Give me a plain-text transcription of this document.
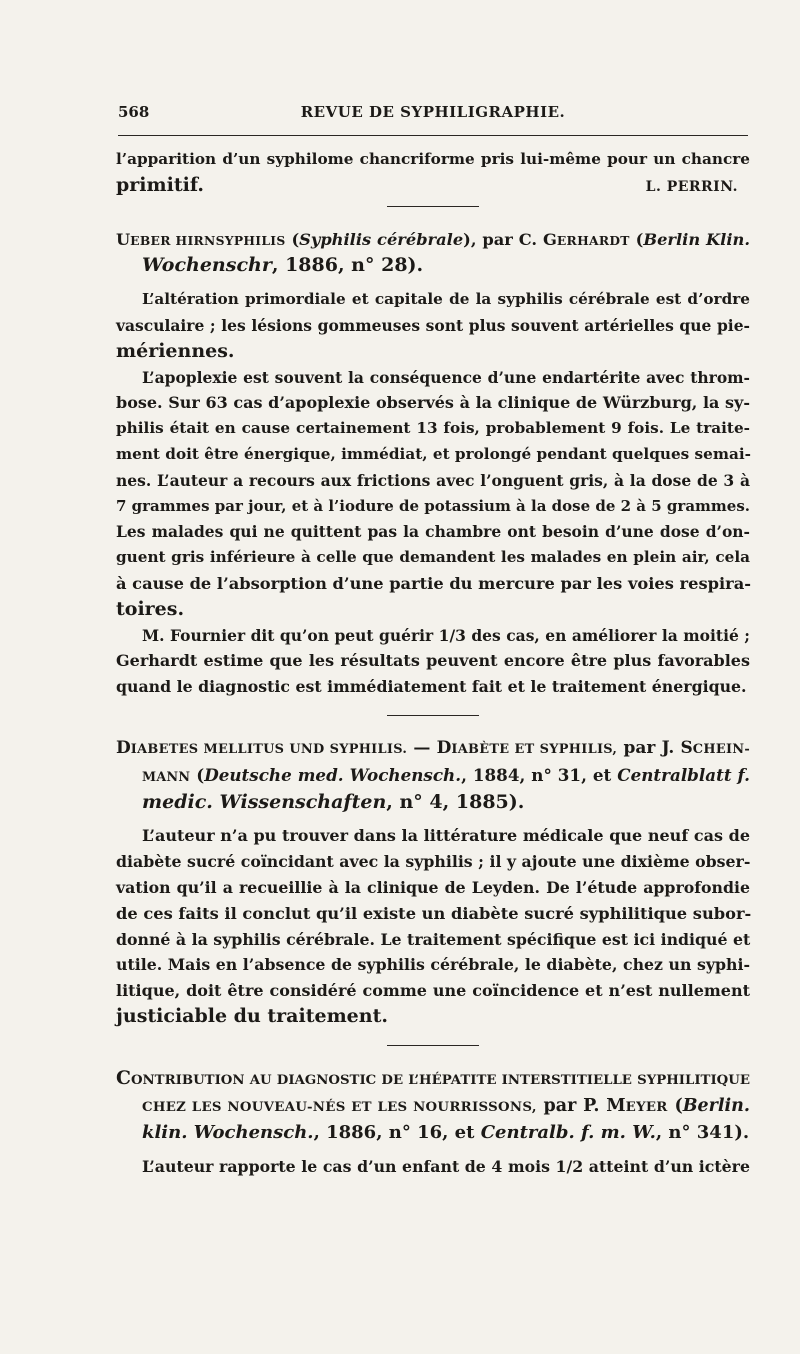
568	REVUE DE SYPHILIGRAPHIE.
l’apparition d’un syphilome chancriforme pris lui-même pour un chancre
primitif.	L. PERRIN.
UEBER HIRNSYPHILIS (Syphilis cérébrale), par C. GERHARDT (Berlin Klin.
Wochenschr, 1886, n° 28).
L’altération primordiale et capitale de la syphilis cérébrale est d’ordre
vasculaire ; les lésions gommeuses sont plus souvent artérielles que pie-
mériennes.
L’apoplexie est souvent la conséquence d’une endartérite avec throm-
bose. Sur 63 cas d’apoplexie observés à la clinique de Würzburg, la sy-
philis était en cause certainement 13 fois, probablement 9 fois. Le traite-
ment doit être énergique, immédiat, et prolongé pendant quelques semai-
nes. L’auteur a recours aux frictions avec l’onguent gris, à la dose de 3 à
7 grammes par jour, et à l’iodure de potassium à la dose de 2 à 5 grammes.
Les malades qui ne quittent pas la chambre ont besoin d’une dose d’on-
guent gris inférieure à celle que demandent les malades en plein air, cela
à cause de l’absorption d’une partie du mercure par les voies respira-
toires.
M. Fournier dit qu’on peut guérir 1/3 des cas, en améliorer la moitié ;
Gerhardt estime que les résultats peuvent encore être plus favorables
quand le diagnostic est immédiatement fait et le traitement énergique.
DIABETES MELLITUS UND SYPHILIS. — DIABÈTE ET SYPHILIS, par J. SCHEIN-
MANN (Deutsche med. Wochensch., 1884, n° 31, et Centralblatt f.
medic. Wissenschaften, n° 4, 1885).
L’auteur n’a pu trouver dans la littérature médicale que neuf cas de
diabète sucré coïncidant avec la syphilis ; il y ajoute une dixième obser-
vation qu’il a recueillie à la clinique de Leyden. De l’étude approfondie
de ces faits il conclut qu’il existe un diabète sucré syphilitique subor-
donné à la syphilis cérébrale. Le traitement spécifique est ici indiqué et
utile. Mais en l’absence de syphilis cérébrale, le diabète, chez un syphi-
litique, doit être considéré comme une coïncidence et n’est nullement
justiciable du traitement.
CONTRIBUTION AU DIAGNOSTIC DE L’HÉPATITE INTERSTITIELLE SYPHILITIQUE
CHEZ LES NOUVEAU-NÉS ET LES NOURRISSONS, par P. MEYER (Berlin.
klin. Wochensch., 1886, n° 16, et Centralb. f. m. W., n° 341).
L’auteur rapporte le cas d’un enfant de 4 mois 1/2 atteint d’un ictère
